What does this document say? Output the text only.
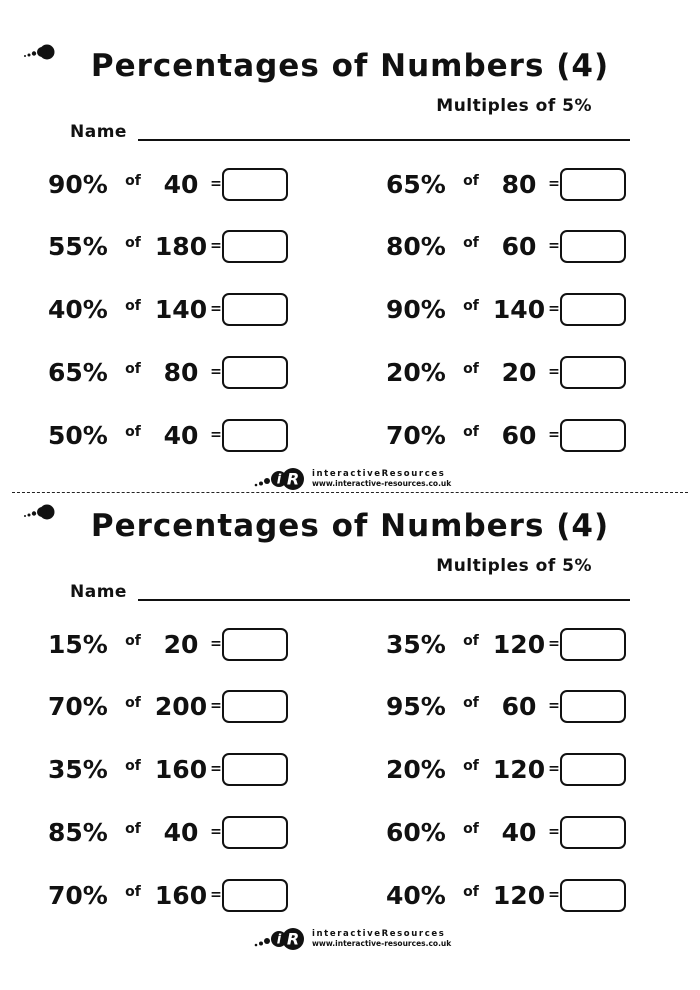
Percentages of Numbers (4)
Multiples of 5%
Name
90%	of 40 =	65%	of 80 =
55%	of 180 =	80%	of 60 =
40%	of 140 =	90%	of 140 =
65%	of 80 =	20%	of 20 =
50%	of 40 =	70%	of 60 =
i R interactiveResources
www.interactive-resources.co.uk
Percentages of Numbers (4)
Multiples of 5%
Name
15%	of 20 =	35%	of 120 =
70%	of 200 =	95%	of 60 =
35%	of 160 =	20%	of 120 =
85%	of 40 =	60%	of 40 =
70%	of 160 =	40%	of 120 =
i R interactiveResources
www.interactive-resources.co.uk
